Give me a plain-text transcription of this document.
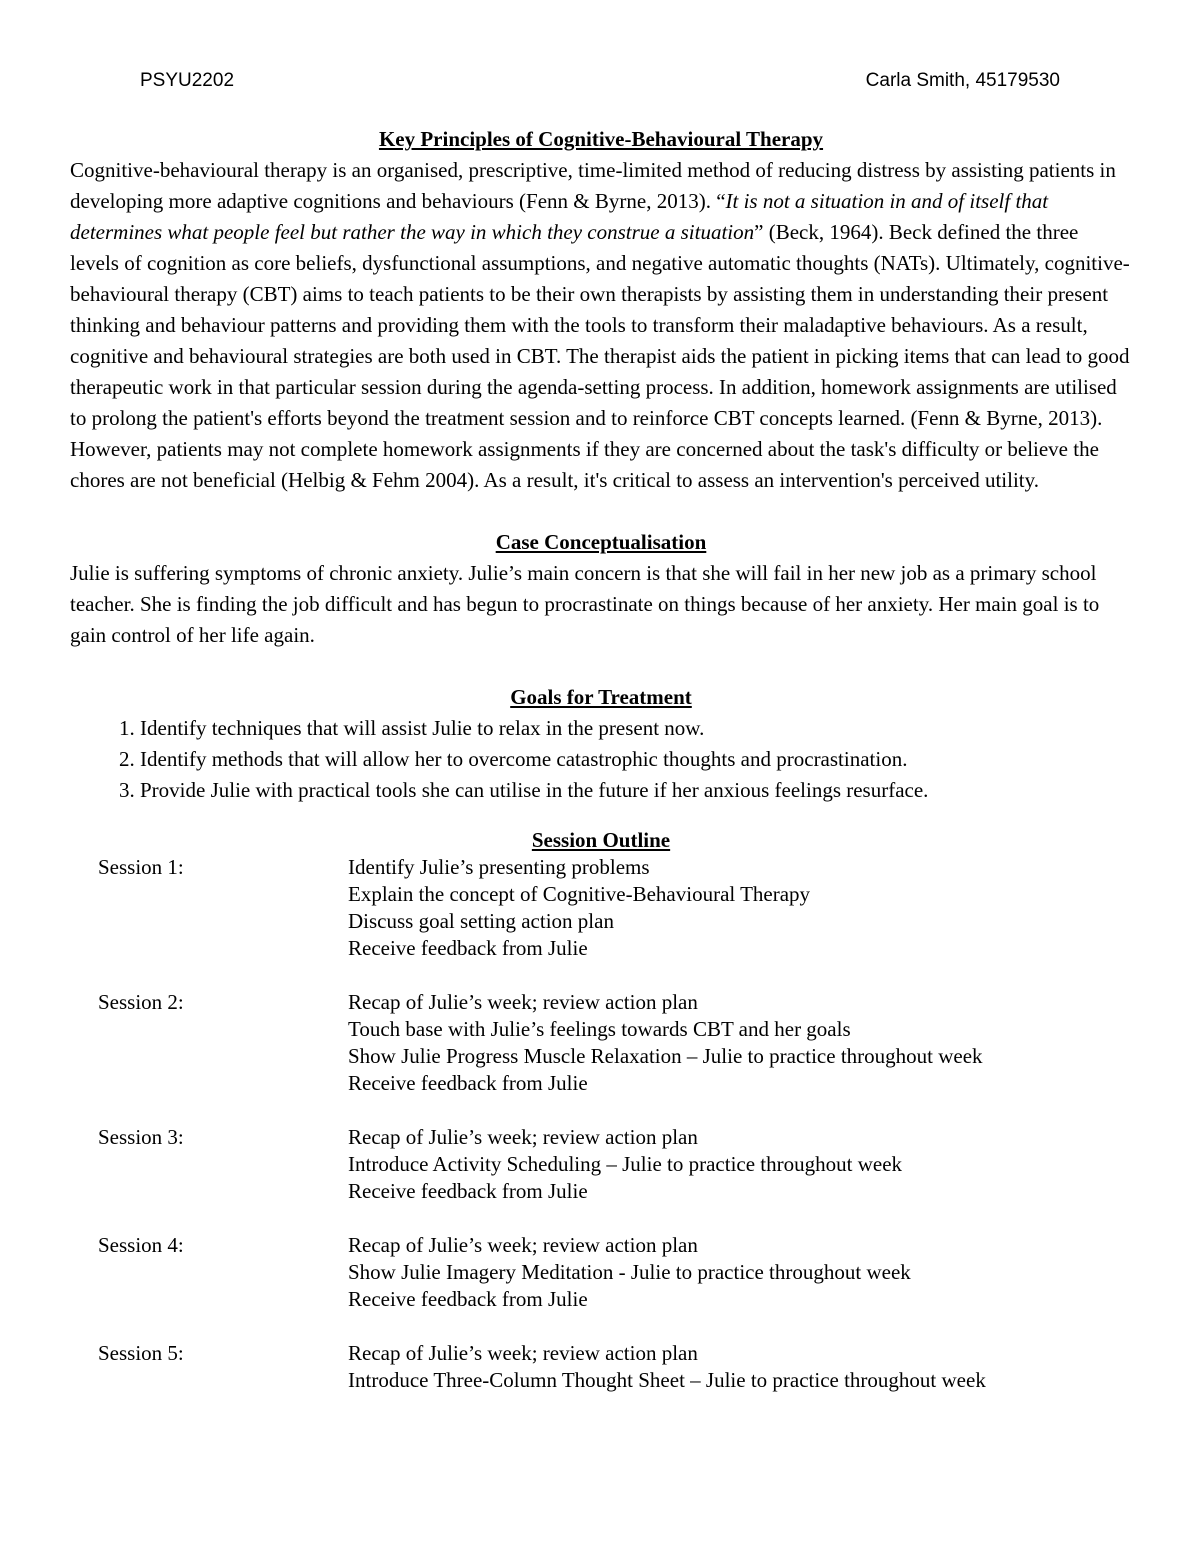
PSYU2202	Carla Smith, 45179530

Key Principles of Cognitive-Behavioural Therapy

Cognitive-behavioural therapy is an organised, prescriptive, time-limited method of reducing distress by assisting patients in developing more adaptive cognitions and behaviours (Fenn & Byrne, 2013). “It is not a situation in and of itself that determines what people feel but rather the way in which they construe a situation” (Beck, 1964). Beck defined the three levels of cognition as core beliefs, dysfunctional assumptions, and negative automatic thoughts (NATs). Ultimately, cognitive-behavioural therapy (CBT) aims to teach patients to be their own therapists by assisting them in understanding their present thinking and behaviour patterns and providing them with the tools to transform their maladaptive behaviours. As a result, cognitive and behavioural strategies are both used in CBT. The therapist aids the patient in picking items that can lead to good therapeutic work in that particular session during the agenda-setting process. In addition, homework assignments are utilised to prolong the patient's efforts beyond the treatment session and to reinforce CBT concepts learned. (Fenn & Byrne, 2013). However, patients may not complete homework assignments if they are concerned about the task's difficulty or believe the chores are not beneficial (Helbig & Fehm 2004). As a result, it's critical to assess an intervention's perceived utility.

Case Conceptualisation

Julie is suffering symptoms of chronic anxiety. Julie’s main concern is that she will fail in her new job as a primary school teacher. She is finding the job difficult and has begun to procrastinate on things because of her anxiety. Her main goal is to gain control of her life again.

Goals for Treatment

1. Identify techniques that will assist Julie to relax in the present now.
2. Identify methods that will allow her to overcome catastrophic thoughts and procrastination.
3. Provide Julie with practical tools she can utilise in the future if her anxious feelings resurface.

Session Outline

Session 1:	Identify Julie’s presenting problems
Explain the concept of Cognitive-Behavioural Therapy
Discuss goal setting action plan
Receive feedback from Julie
Session 2:	Recap of Julie’s week; review action plan
Touch base with Julie’s feelings towards CBT and her goals
Show Julie Progress Muscle Relaxation – Julie to practice throughout week
Receive feedback from Julie
Session 3:	Recap of Julie’s week; review action plan
Introduce Activity Scheduling – Julie to practice throughout week
Receive feedback from Julie
Session 4:	Recap of Julie’s week; review action plan
Show Julie Imagery Meditation - Julie to practice throughout week
Receive feedback from Julie
Session 5:	Recap of Julie’s week; review action plan
Introduce Three-Column Thought Sheet – Julie to practice throughout week
